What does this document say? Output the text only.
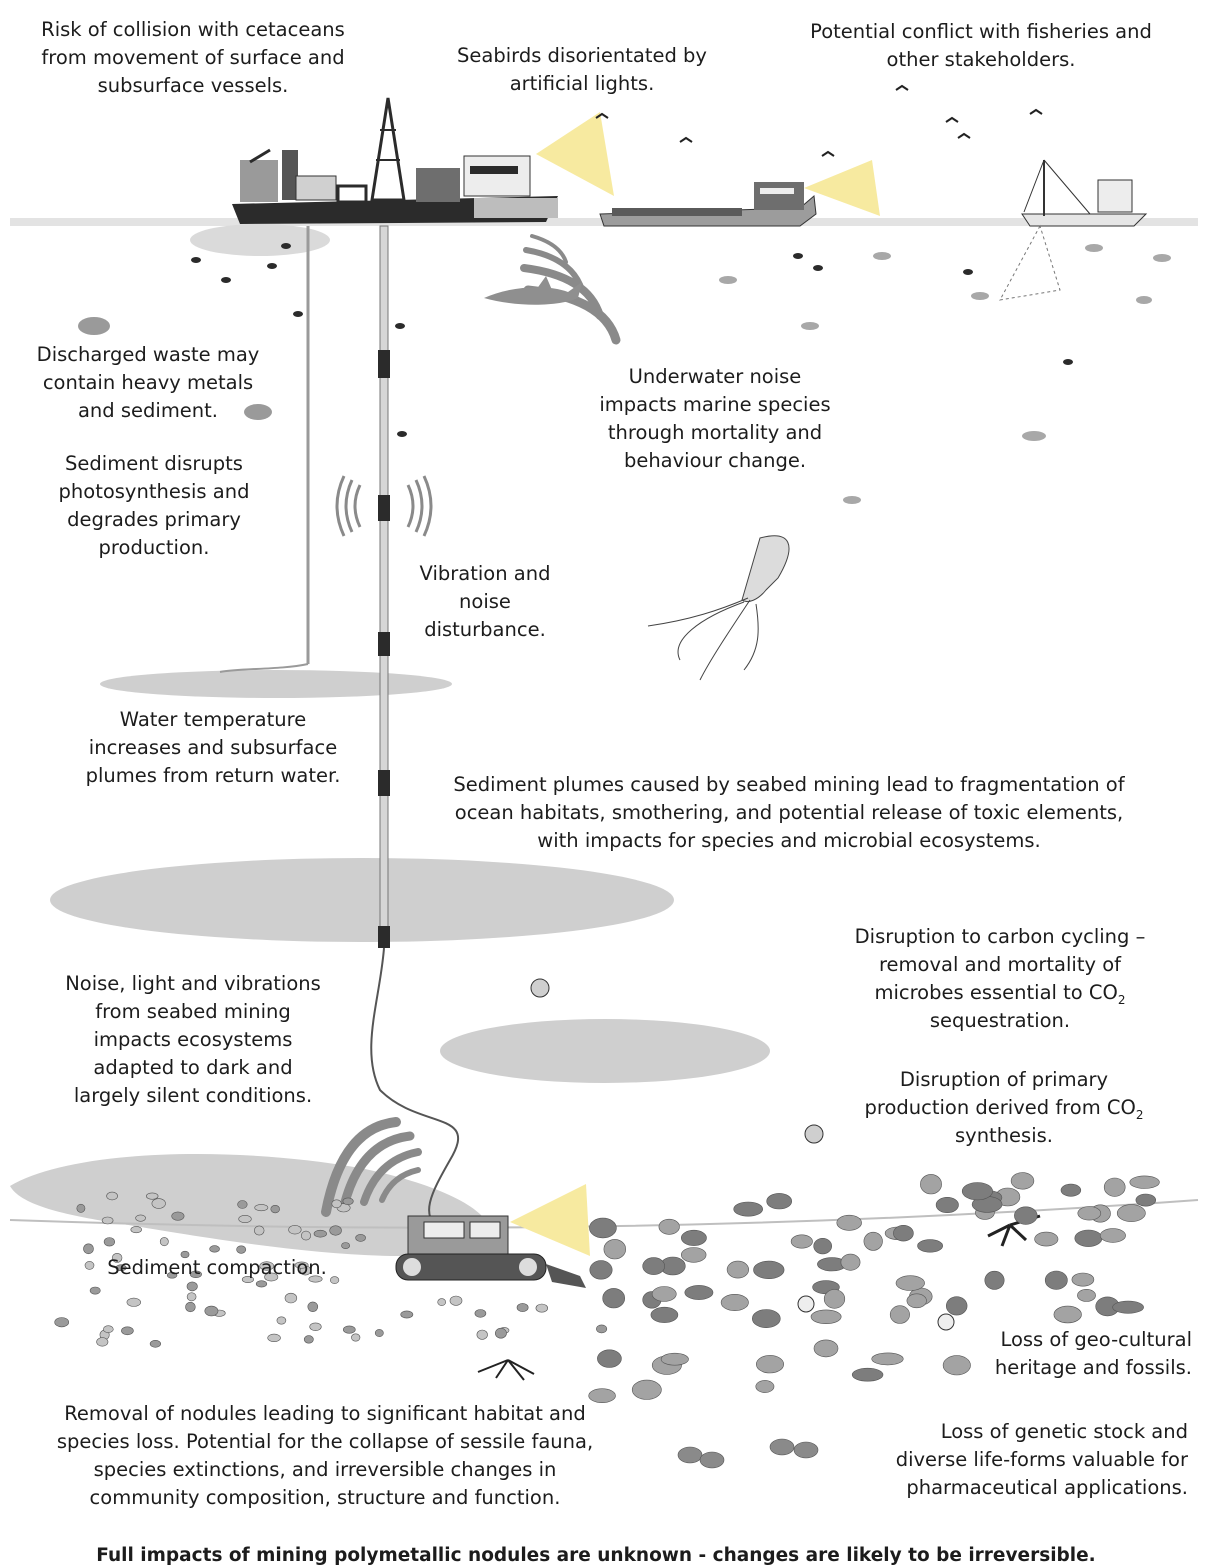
Risk of collision with cetaceans
from movement of surface and
subsurface vessels.
Seabirds disorientated by
artificial lights.
Potential conflict with fisheries and
other stakeholders.
Discharged waste may
contain heavy metals
and sediment.
Sediment disrupts
photosynthesis and
degrades primary
production.
Underwater noise
impacts marine species
through mortality and
behaviour change.
Vibration and
noise
disturbance.
Water temperature
increases and subsurface
plumes from return water.	Sediment plumes caused by seabed mining lead to fragmentation of
ocean habitats, smothering, and potential release of toxic elements,
with impacts for species and microbial ecosystems.
Disruption to carbon cycling –
removal and mortality of
microbes essential to $CO_2$
sequestration.
Noise, light and vibrations
from seabed mining
impacts ecosystems
adapted to dark and
largely silent conditions.
Disruption of primary
production derived from $CO_2$
synthesis.
Sediment compaction.
Loss of geo-cultural
heritage and fossils.
Removal of nodules leading to significant habitat and
species loss. Potential for the collapse of sessile fauna,
species extinctions, and irreversible changes in
community composition, structure and function.
Loss of genetic stock and
diverse life-forms valuable for
pharmaceutical applications.
Full impacts of mining polymetallic nodules are unknown - changes are likely to be irreversible.
